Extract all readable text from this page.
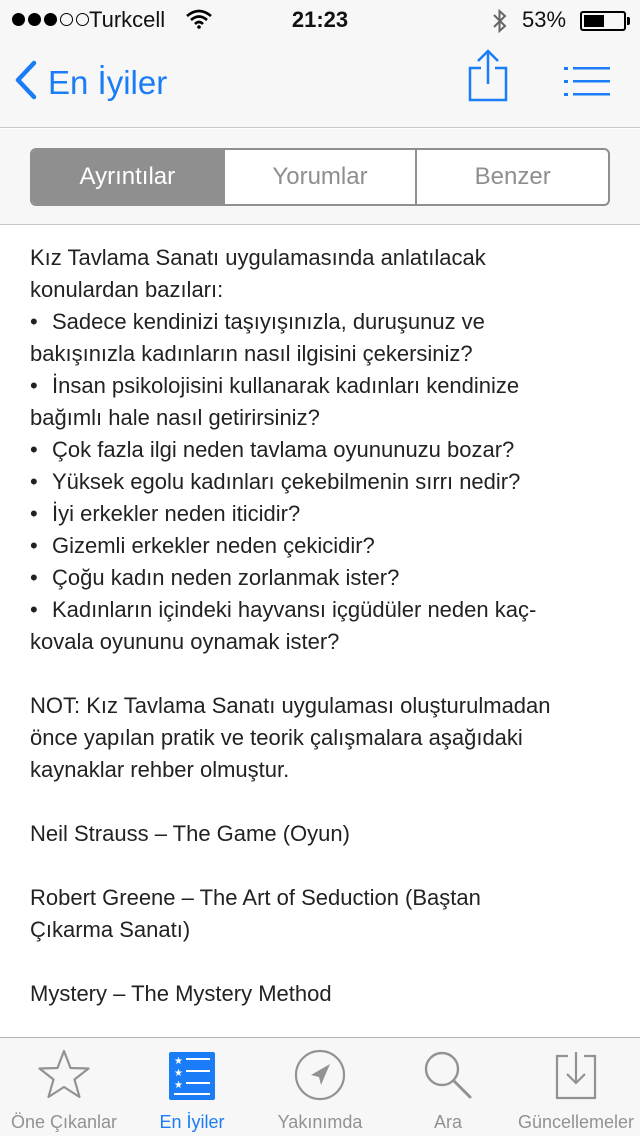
Turkcell	21:23	53%
En İyiler
Ayrıntılar	Yorumlar	Benzer
Kız Tavlama Sanatı uygulamasında anlatılacak
konulardan bazıları:
• Sadece kendinizi taşıyışınızla, duruşunuz ve
bakışınızla kadınların nasıl ilgisini çekersiniz?
• İnsan psikolojisini kullanarak kadınları kendinize
bağımlı hale nasıl getirirsiniz?
• Çok fazla ilgi neden tavlama oyununuzu bozar?
• Yüksek egolu kadınları çekebilmenin sırrı nedir?
• İyi erkekler neden iticidir?
• Gizemli erkekler neden çekicidir?
• Çoğu kadın neden zorlanmak ister?
• Kadınların içindeki hayvansı içgüdüler neden kaç-
kovala oyununu oynamak ister?
NOT: Kız Tavlama Sanatı uygulaması oluşturulmadan
önce yapılan pratik ve teorik çalışmalara aşağıdaki
kaynaklar rehber olmuştur.
Neil Strauss – The Game (Oyun)
Robert Greene – The Art of Seduction (Baştan
Çıkarma Sanatı)
Mystery – The Mystery Method
Öne Çıkanlar
★
★
★
En İyiler	Yakınımda	Ara	Güncellemeler
